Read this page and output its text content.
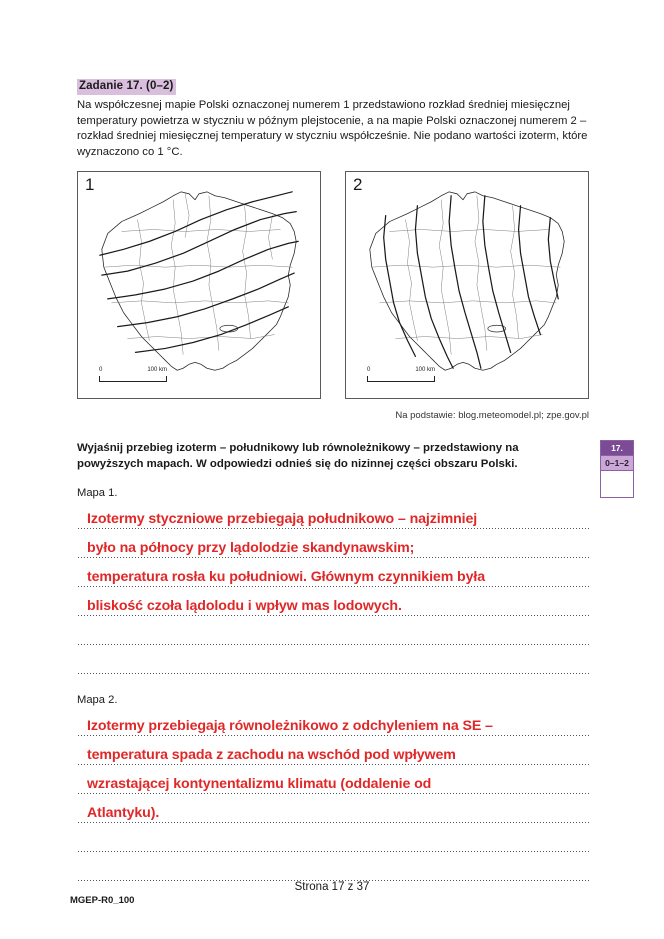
Zadanie 17. (0–2)
Na współczesnej mapie Polski oznaczonej numerem 1 przedstawiono rozkład średniej miesięcznej temperatury powietrza w styczniu w późnym plejstocenie, a na mapie Polski oznaczonej numerem 2 – rozkład średniej miesięcznej temperatury w styczniu współcześnie. Nie podano wartości izoterm, które wyznaczono co 1 °C.
1
0	100 km
2
0	100 km
Na podstawie: blog.meteomodel.pl; zpe.gov.pl
Wyjaśnij przebieg izoterm – południkowy lub równoleżnikowy – przedstawiony na powyższych mapach. W odpowiedzi odnieś się do nizinnej części obszaru Polski.
17.
0–1–2
Mapa 1.
Izotermy styczniowe przebiegają południkowo – najzimniej
było na północy przy lądolodzie skandynawskim;
temperatura rosła ku południowi. Głównym czynnikiem była
bliskość czoła lądolodu i wpływ mas lodowych.
Mapa 2.
Izotermy przebiegają równoleżnikowo z odchyleniem na SE –
temperatura spada z zachodu na wschód pod wpływem
wzrastającej kontynentalizmu klimatu (oddalenie od
Atlantyku).
Strona 17 z 37
MGEP-R0_100
